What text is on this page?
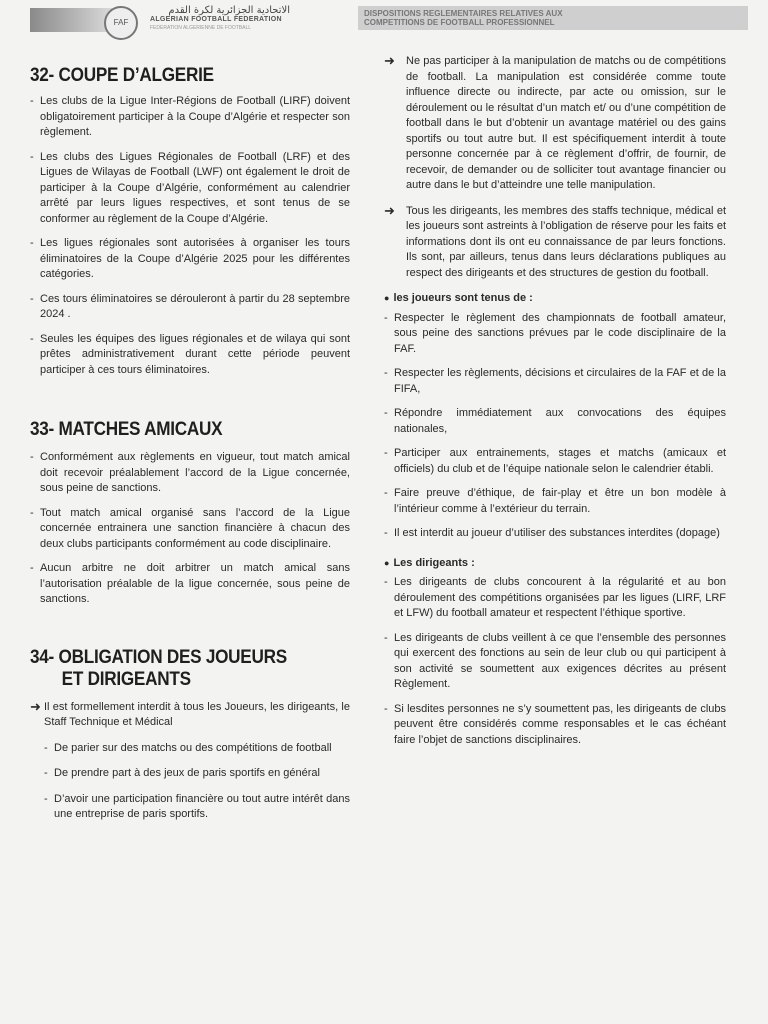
FAF
الاتحادية الجزائرية لكرة القدم
ALGERIAN FOOTBALL FEDERATION
FEDERATION ALGERIENNE DE FOOTBALL
DISPOSITIONS REGLEMENTAIRES RELATIVES AUX
COMPETITIONS DE FOOTBALL PROFESSIONNEL
32- COUPE D’ALGERIE

- Les clubs de la Ligue Inter-Régions de Football (LIRF) doivent obligatoirement participer à la Coupe d’Algérie et respecter son règlement.

- Les clubs des Ligues Régionales de Football (LRF) et des Ligues de Wilayas de Football (LWF) ont également le droit de participer à la Coupe d’Algérie, conformément au calendrier arrêté par leurs ligues respectives, et sont tenus de se conformer au règlement de la Coupe d’Algérie.

- Les ligues régionales sont autorisées à organiser les tours éliminatoires de la Coupe d’Algérie 2025 pour les différentes catégories.

- Ces tours éliminatoires se dérouleront à partir du 28 septembre 2024 .

- Seules les équipes des ligues régionales et de wilaya qui sont prêtes administrativement durant cette période peuvent participer à ces tours éliminatoires.

33- MATCHES AMICAUX

- Conformément aux règlements en vigueur, tout match amical doit recevoir préalablement l’accord de la Ligue concernée, sous peine de sanctions.

- Tout match amical organisé sans l’accord de la Ligue concernée entrainera une sanction financière à chacun des deux clubs participants conformément au code disciplinaire.

- Aucun arbitre ne doit arbitrer un match amical sans l’autorisation préalable de la ligue concernée, sous peine de sanctions.

34- OBLIGATION DES JOUEURS
ET DIRIGEANTS
➜ Il est formellement interdit à tous les Joueurs, les dirigeants, le Staff Technique et Médical

- De parier sur des matchs ou des compétitions de football

- De prendre part à des jeux de paris sportifs en général

- D’avoir une participation financière ou tout autre intérêt dans une entreprise de paris sportifs.

➜ Ne pas participer à la manipulation de matchs ou de compétitions de football. La manipulation est considérée comme toute influence directe ou indirecte, par acte ou omission, sur le déroulement ou le résultat d’un match et/ ou d’une compétition de football dans le but d’obtenir un avantage matériel ou des gains sportifs ou tout autre but. Il est spécifiquement interdit à toute personne concernée par à ce règlement d’offrir, de fournir, de recevoir, de demander ou de solliciter tout avantage financier ou autre dans le but d’atteindre une telle manipulation.
➜ Tous les dirigeants, les membres des staffs technique, médical et les joueurs sont astreints à l’obligation de réserve pour les faits et informations dont ils ont eu connaissance de par leurs fonctions. Ils sont, par ailleurs, tenus dans leurs déclarations publiques au respect des dirigeants et des structures de gestion du football.
● les joueurs sont tenus de :

- Respecter le règlement des championnats de football amateur, sous peine des sanctions prévues par le code disciplinaire de la FAF.

- Respecter les règlements, décisions et circulaires de la FAF et de la FIFA,

- Répondre immédiatement aux convocations des équipes nationales,

- Participer aux entrainements, stages et matchs (amicaux et officiels) du club et de l’équipe nationale selon le calendrier établi.

- Faire preuve d’éthique, de fair-play et être un bon modèle à l’intérieur comme à l’extérieur du terrain.

- Il est interdit au joueur d’utiliser des substances interdites (dopage)

● Les dirigeants :

- Les dirigeants de clubs concourent à la régularité et au bon déroulement des compétitions organisées par les ligues (LIRF, LRF et LFW) du football amateur et respectent l’éthique sportive.

- Les dirigeants de clubs veillent à ce que l’ensemble des personnes qui exercent des fonctions au sein de leur club ou qui participent à son activité se soumettent aux exigences décrites au présent Règlement.

- Si lesdites personnes ne s’y soumettent pas, les dirigeants de clubs peuvent être considérés comme responsables et le cas échéant faire l’objet de sanctions disciplinaires.
